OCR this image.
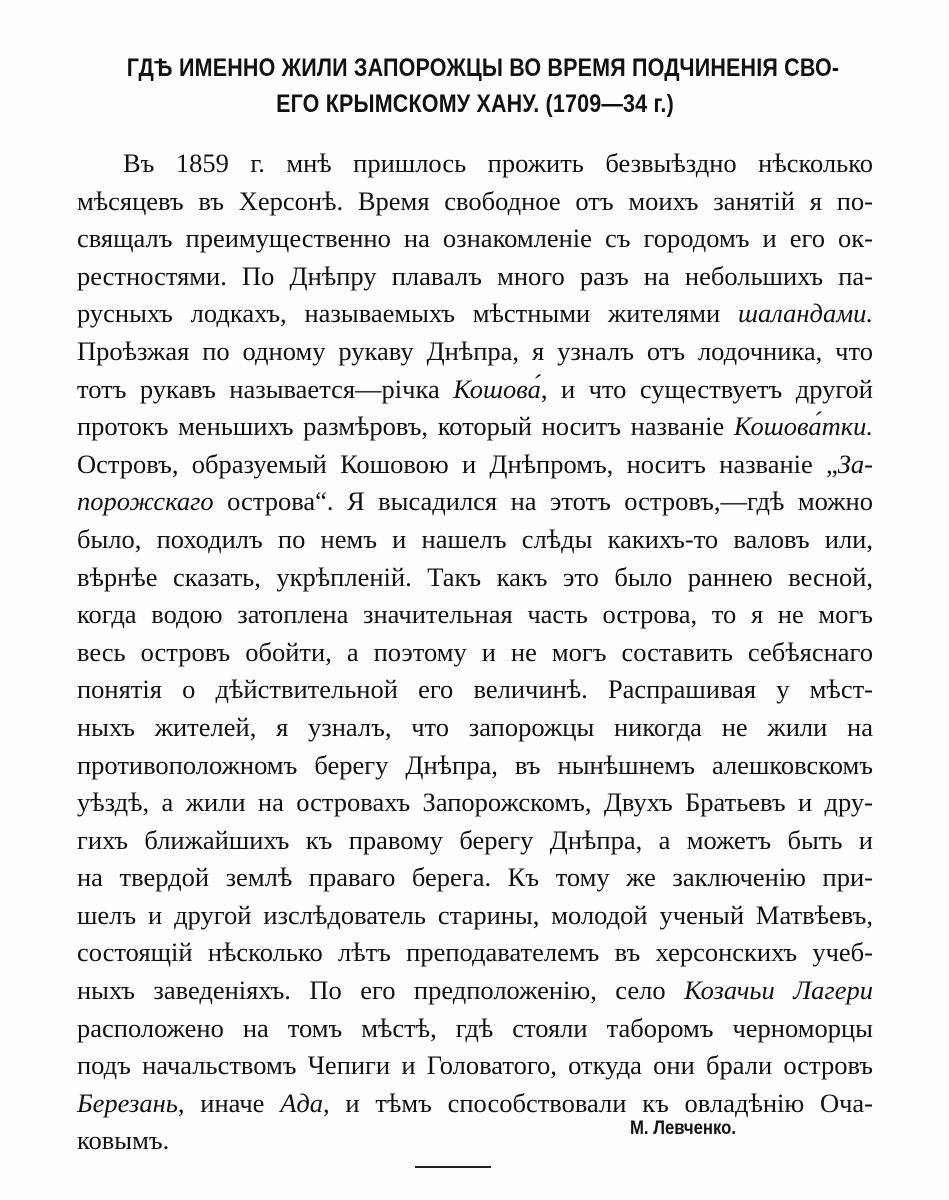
ГДѢ ИМЕННО ЖИЛИ ЗАПОРОЖЦЫ ВО ВРЕМЯ ПОДЧИНЕНІЯ СВО-
ЕГО КРЫМСКОМУ ХАНУ. (1709—34 г.)
Въ 1859 г. мнѣ пришлось прожить безвыѣздно нѣсколько
мѣсяцевъ въ Херсонѣ. Время свободное отъ моихъ занятій я по-
свящалъ преимущественно на ознакомленіе съ городомъ и его ок-
рестностями. По Днѣпру плавалъ много разъ на небольшихъ па-
русныхъ лодкахъ, называемыхъ мѣстными жителями шаландами.
Проѣзжая по одному рукаву Днѣпра, я узналъ отъ лодочника, что
тотъ рукавъ называется—річка Кошова́, и что существуетъ другой
протокъ меньшихъ размѣровъ, который носитъ названіе Кошова́тки.
Островъ, образуемый Кошовою и Днѣпромъ, носитъ названіе „За-
порожскаго острова“. Я высадился на этотъ островъ,—гдѣ можно
было, походилъ по немъ и нашелъ слѣды какихъ-то валовъ или,
вѣрнѣе сказать, укрѣпленій. Такъ какъ это было раннею весной,
когда водою затоплена значительная часть острова, то я не могъ
весь островъ обойти, а поэтому и не могъ составить себѣяснаго
понятія о дѣйствительной его величинѣ. Распрашивая у мѣст-
ныхъ жителей, я узналъ, что запорожцы никогда не жили на
противоположномъ берегу Днѣпра, въ нынѣшнемъ алешковскомъ
уѣздѣ, а жили на островахъ Запорожскомъ, Двухъ Братьевъ и дру-
гихъ ближайшихъ къ правому берегу Днѣпра, а можетъ быть и
на твердой землѣ праваго берега. Къ тому же заключенію при-
шелъ и другой изслѣдователь старины, молодой ученый Матвѣевъ,
состоящій нѣсколько лѣтъ преподавателемъ въ херсонскихъ учеб-
ныхъ заведеніяхъ. По его предположенію, село Козачьи Лагери
расположено на томъ мѣстѣ, гдѣ стояли таборомъ черноморцы
подъ начальствомъ Чепиги и Головатого, откуда они брали островъ
Березань, иначе Ада, и тѣмъ способствовали къ овладѣнію Оча-
ковымъ.	М. Левченко.
